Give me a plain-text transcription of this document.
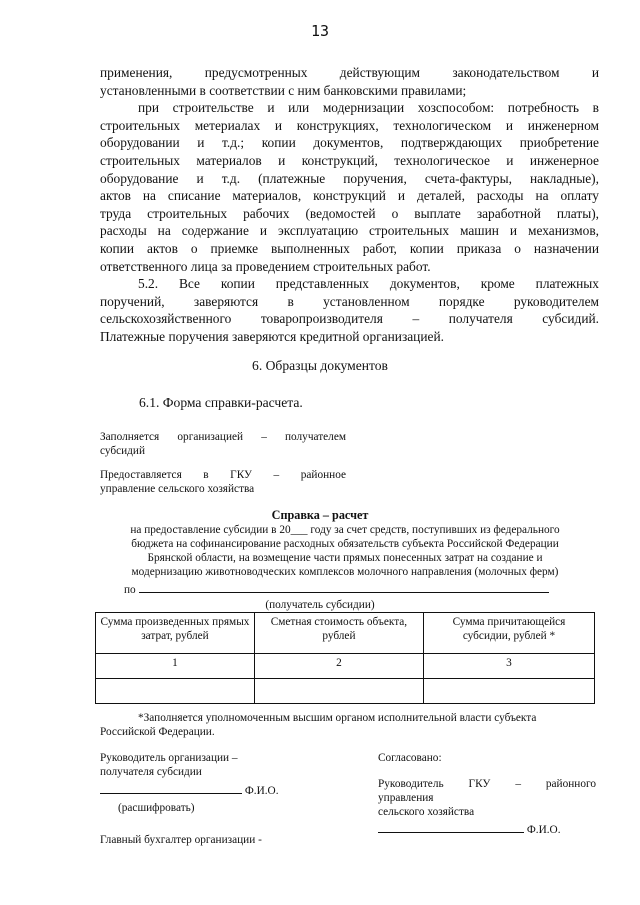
13
применения, предусмотренных действующим законодательством и
установленными в соответствии с ним банковскими правилами;
при строительстве и или модернизации хозспособом: потребность в
строительных метериалах и конструкциях, технологическом и инженерном
оборудовании и т.д.; копии документов, подтверждающих приобретение
строительных материалов и конструкций, технологическое и инженерное
оборудование и т.д. (платежные поручения, счета-фактуры, накладные),
актов на списание материалов, конструкций и деталей, расходы на оплату
труда строительных рабочих (ведомостей о выплате заработной платы),
расходы на содержание и эксплуатацию строительных машин и механизмов,
копии актов о приемке выполненных работ, копии приказа о назначении
ответственного лица за проведением строительных работ.
5.2. Все копии представленных документов, кроме платежных
поручений, заверяются в установленном порядке руководителем
сельскохозяйственного товаропроизводителя – получателя субсидий.
Платежные поручения заверяются кредитной организацией.
6. Образцы документов
6.1. Форма справки-расчета.
Заполняется организацией – получателем
субсидий
Предоставляется в ГКУ – районное
управление сельского хозяйства
Справка – расчет
на предоставление субсидии в 20___ году за счет средств, поступивших из федерального
бюджета на софинансирование расходных обязательств субъекта Российской Федерации
Брянской области, на возмещение части прямых понесенных затрат на создание и
модернизацию животноводческих комплексов молочного направления (молочных ферм)
по
(получатель субсидии)
Сумма произведенных прямых затрат, рублей	Сметная стоимость объекта, рублей	Сумма причитающейся субсидии, рублей *
1	2	3

*Заполняется уполномоченным высшим органом исполнительной власти субъекта
Российской Федерации.
Руководитель организации –
получателя субсидии
Ф.И.О.
(расшифровать)
Главный бухгалтер организации -
Согласовано:
Руководитель ГКУ – районного
управления
сельского хозяйства
Ф.И.О.
